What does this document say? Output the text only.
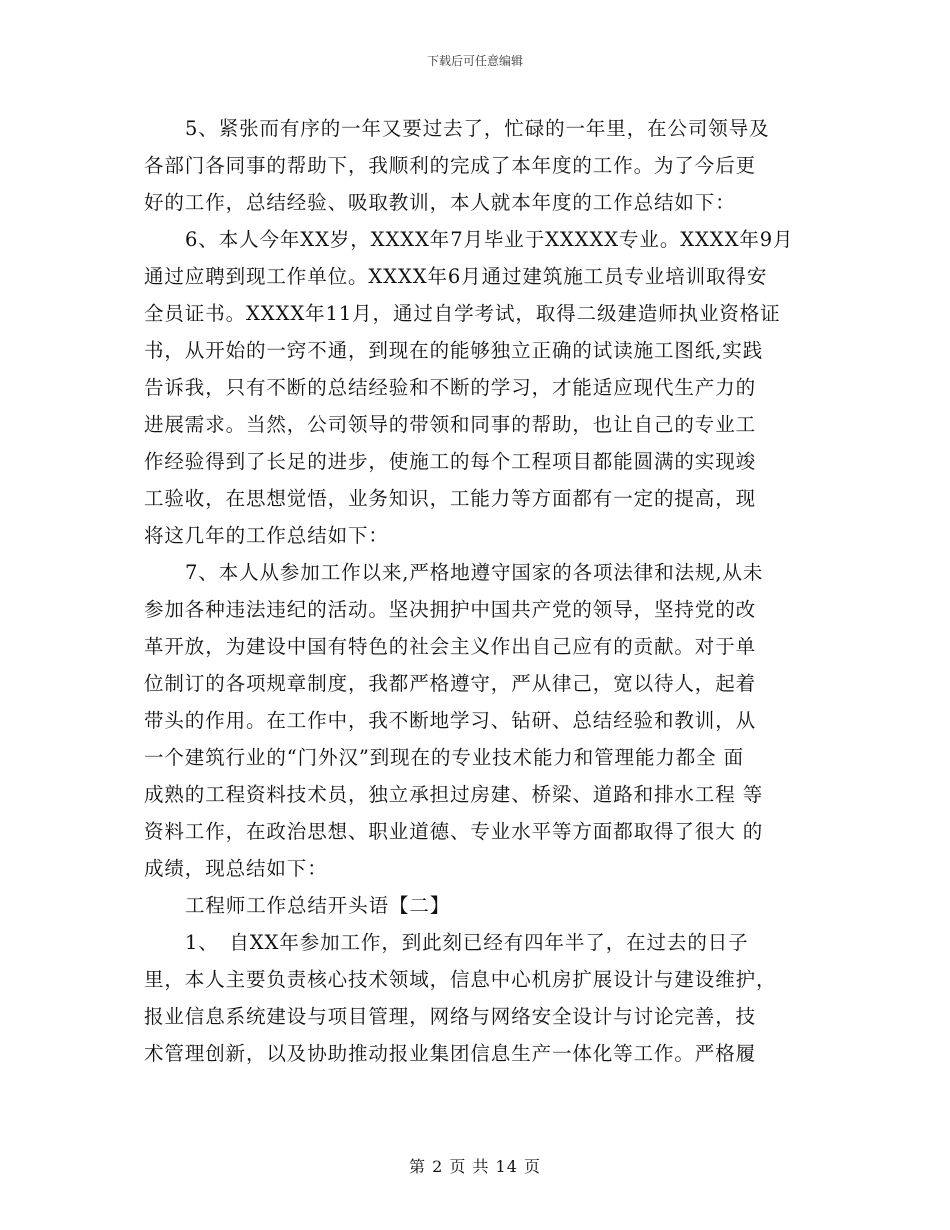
下载后可任意编辑
5、紧张而有序的一年又要过去了，忙碌的一年里，在公司领导及
各部门各同事的帮助下，我顺利的完成了本年度的工作。为了今后更
好的工作，总结经验、吸取教训，本人就本年度的工作总结如下：
6、本人今年XX岁，XXXX年7月毕业于XXXXX专业。XXXX年9月
通过应聘到现工作单位。XXXX年6月通过建筑施工员专业培训取得安
全员证书。XXXX年11月，通过自学考试，取得二级建造师执业资格证
书，从开始的一窍不通，到现在的能够独立正确的试读施工图纸,实践
告诉我，只有不断的总结经验和不断的学习，才能适应现代生产力的
进展需求。当然，公司领导的带领和同事的帮助，也让自己的专业工
作经验得到了长足的进步，使施工的每个工程项目都能圆满的实现竣
工验收，在思想觉悟，业务知识，工能力等方面都有一定的提高，现
将这几年的工作总结如下：
7、本人从参加工作以来,严格地遵守国家的各项法律和法规,从未
参加各种违法违纪的活动。坚决拥护中国共产党的领导，坚持党的改
革开放，为建设中国有特色的社会主义作出自己应有的贡献。对于单
位制订的各项规章制度，我都严格遵守，严从律己，宽以待人，起着
带头的作用。在工作中，我不断地学习、钻研、总结经验和教训，从
一个建筑行业的“门外汉”到现在的专业技术能力和管理能力都全 面
成熟的工程资料技术员，独立承担过房建、桥梁、道路和排水工程 等
资料工作，在政治思想、职业道德、专业水平等方面都取得了很大 的
成绩，现总结如下：
工程师工作总结开头语【二】
1、　自XX年参加工作，到此刻已经有四年半了，在过去的日子
里，本人主要负责核心技术领域，信息中心机房扩展设计与建设维护，
报业信息系统建设与项目管理，网络与网络安全设计与讨论完善，技
术管理创新，以及协助推动报业集团信息生产一体化等工作。严格履
第 2 页 共 14 页
